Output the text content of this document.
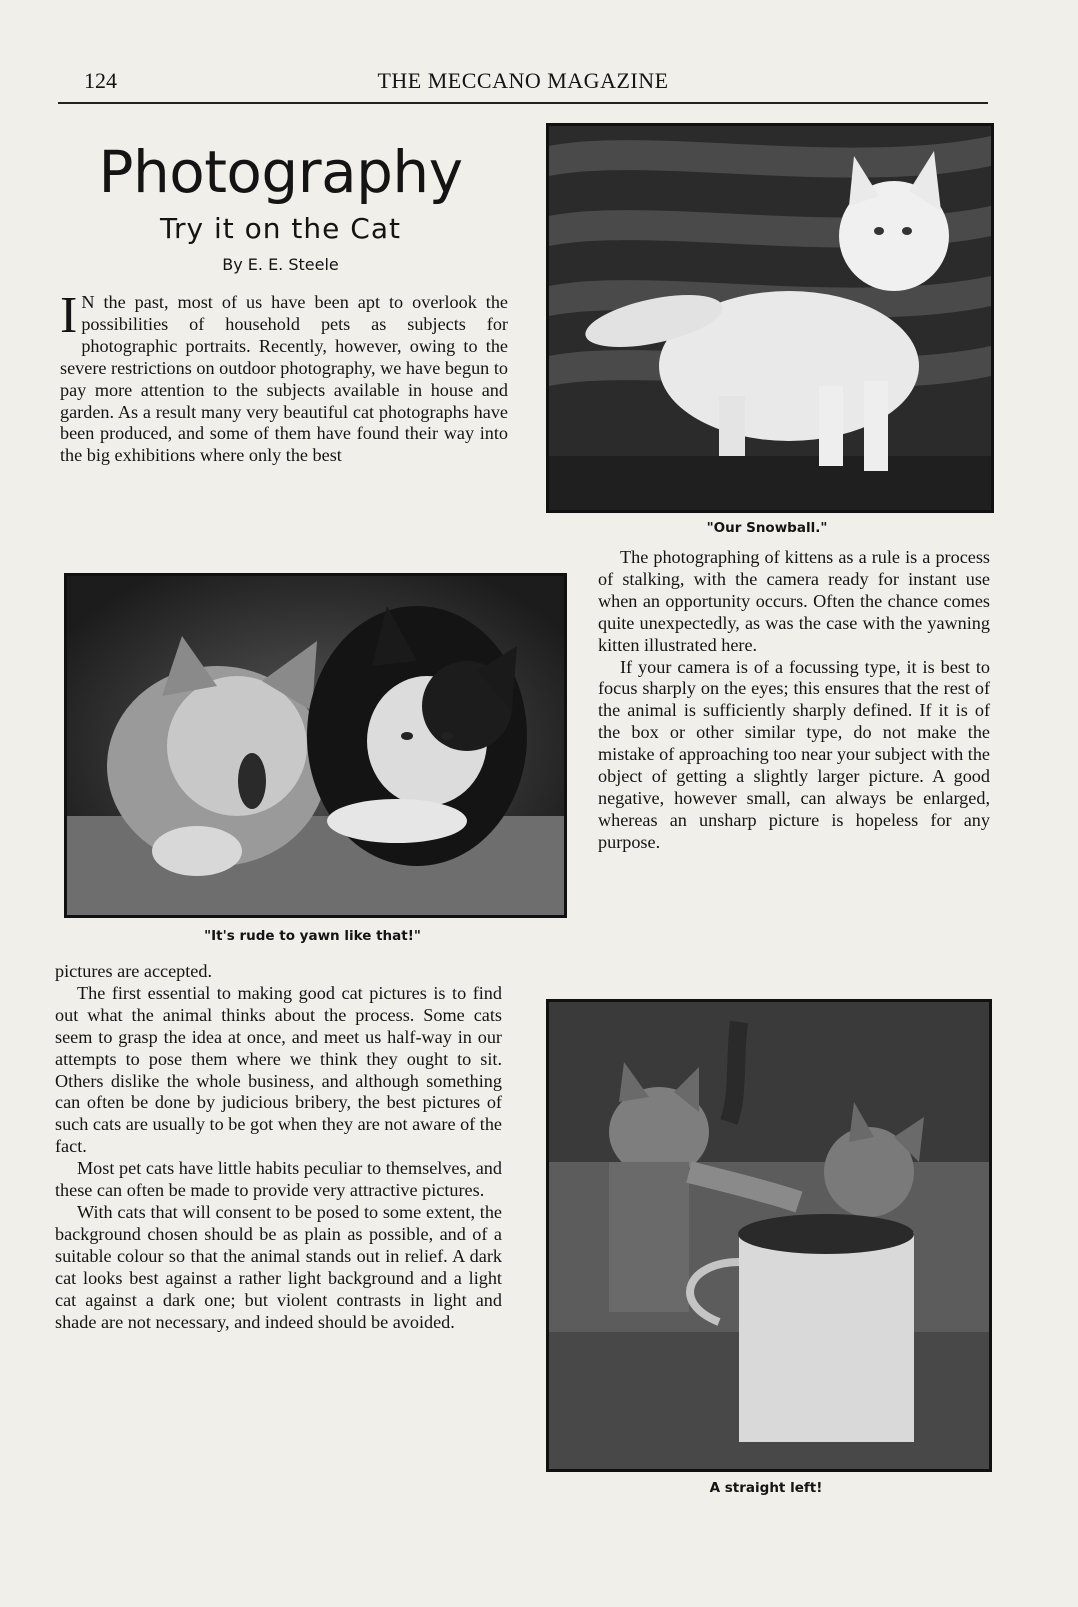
124	THE MECCANO MAGAZINE
Photography
Try it on the Cat
By E. E. Steele

I N the past, most of us have been apt to overlook the possibilities of household pets as subjects for photographic portraits. Recently, however, owing to the severe restrictions on outdoor photography, we have begun to pay more attention to the subjects available in house and garden. As a result many very beautiful cat photographs have been produced, and some of them have found their way into the big exhibitions where only the best

"It's rude to yawn like that!"

pictures are accepted.

The first essential to making good cat pictures is to find out what the animal thinks about the process. Some cats seem to grasp the idea at once, and meet us half-way in our attempts to pose them where we think they ought to sit. Others dislike the whole business, and although something can often be done by judicious bribery, the best pictures of such cats are usually to be got when they are not aware of the fact.

Most pet cats have little habits peculiar to themselves, and these can often be made to provide very attractive pictures.

With cats that will consent to be posed to some extent, the background chosen should be as plain as possible, and of a suitable colour so that the animal stands out in relief. A dark cat looks best against a rather light background and a light cat against a dark one; but violent contrasts in light and shade are not necessary, and indeed should be avoided.

"Our Snowball."

The photographing of kittens as a rule is a process of stalking, with the camera ready for instant use when an opportunity occurs. Often the chance comes quite unexpectedly, as was the case with the yawning kitten illustrated here.

If your camera is of a focussing type, it is best to focus sharply on the eyes; this ensures that the rest of the animal is sufficiently sharply defined. If it is of the box or other similar type, do not make the mistake of approaching too near your subject with the object of getting a slightly larger picture. A good negative, however small, can always be enlarged, whereas an unsharp picture is hopeless for any purpose.

A straight left!
